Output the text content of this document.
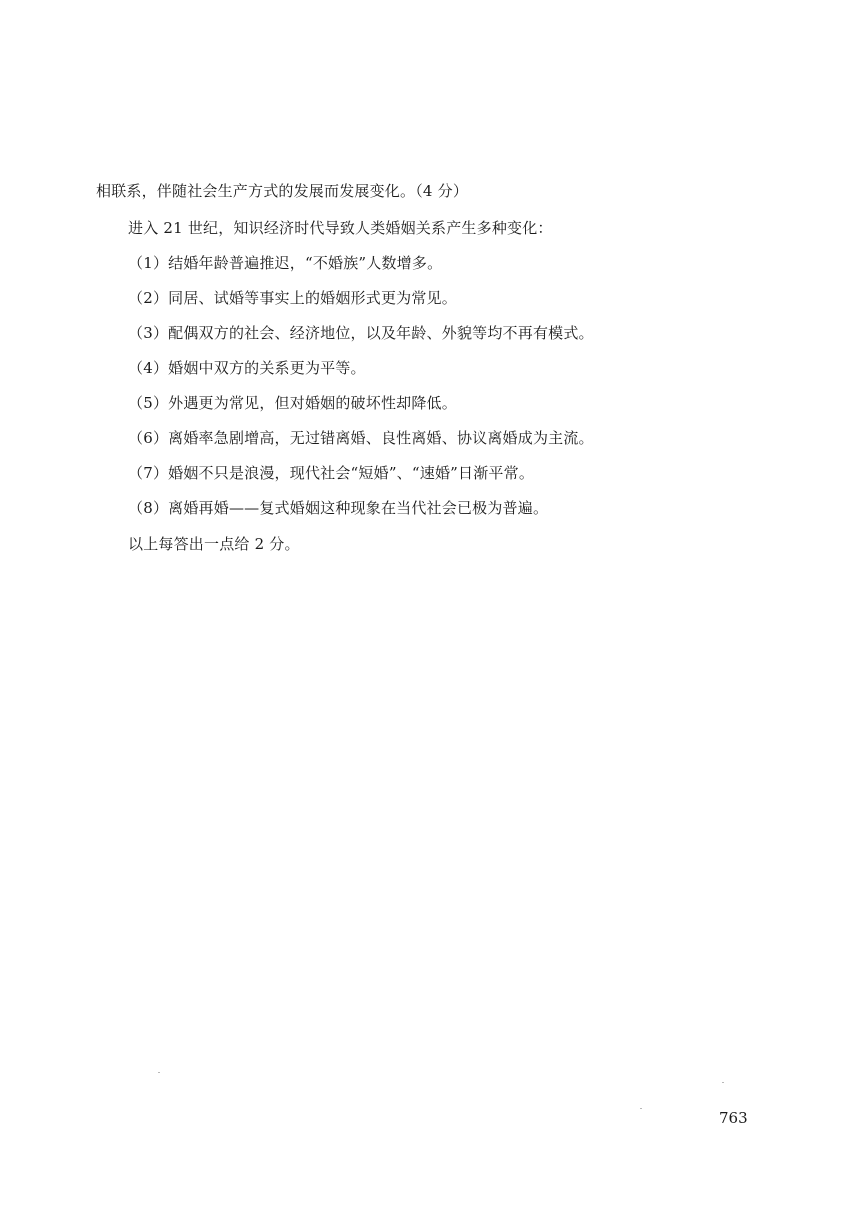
相联系，伴随社会生产方式的发展而发展变化。（4 分）
进入 21 世纪，知识经济时代导致人类婚姻关系产生多种变化：
（1）结婚年龄普遍推迟，“不婚族”人数增多。
（2）同居、试婚等事实上的婚姻形式更为常见。
（3）配偶双方的社会、经济地位，以及年龄、外貌等均不再有模式。
（4）婚姻中双方的关系更为平等。
（5）外遇更为常见，但对婚姻的破坏性却降低。
（6）离婚率急剧增高，无过错离婚、良性离婚、协议离婚成为主流。
（7）婚姻不只是浪漫，现代社会“短婚”、“速婚”日渐平常。
（8）离婚再婚——复式婚姻这种现象在当代社会已极为普遍。
以上每答出一点给 2 分。
763
